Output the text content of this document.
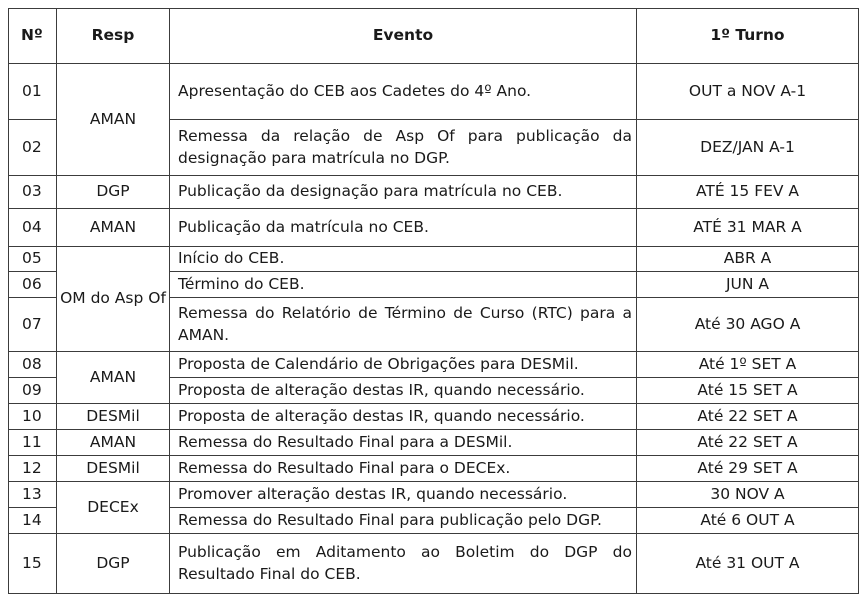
Nº	Resp	Evento	1º Turno
01	AMAN	Apresentação do CEB aos Cadetes do 4º Ano.	OUT a NOV A-1
02		Remessa da relação de Asp Of para publicação da designação para matrícula no DGP.	DEZ/JAN A-1
03	DGP	Publicação da designação para matrícula no CEB.	ATÉ 15 FEV A
04	AMAN	Publicação da matrícula no CEB.	ATÉ 31 MAR A
05	OM do Asp Of	Início do CEB.	ABR A
06		Término do CEB.	JUN A
07		Remessa do Relatório de Término de Curso (RTC) para a AMAN.	Até 30 AGO A
08	AMAN	Proposta de Calendário de Obrigações para DESMil.	Até 1º SET A
09		Proposta de alteração destas IR, quando necessário.	Até 15 SET A
10	DESMil	Proposta de alteração destas IR, quando necessário.	Até 22 SET A
11	AMAN	Remessa do Resultado Final para a DESMil.	Até 22 SET A
12	DESMil	Remessa do Resultado Final para o DECEx.	Até 29 SET A
13	DECEx	Promover alteração destas IR, quando necessário.	30 NOV A
14		Remessa do Resultado Final para publicação pelo DGP.	Até 6 OUT A
15	DGP	Publicação em Aditamento ao Boletim do DGP do Resultado Final do CEB.	Até 31 OUT A
